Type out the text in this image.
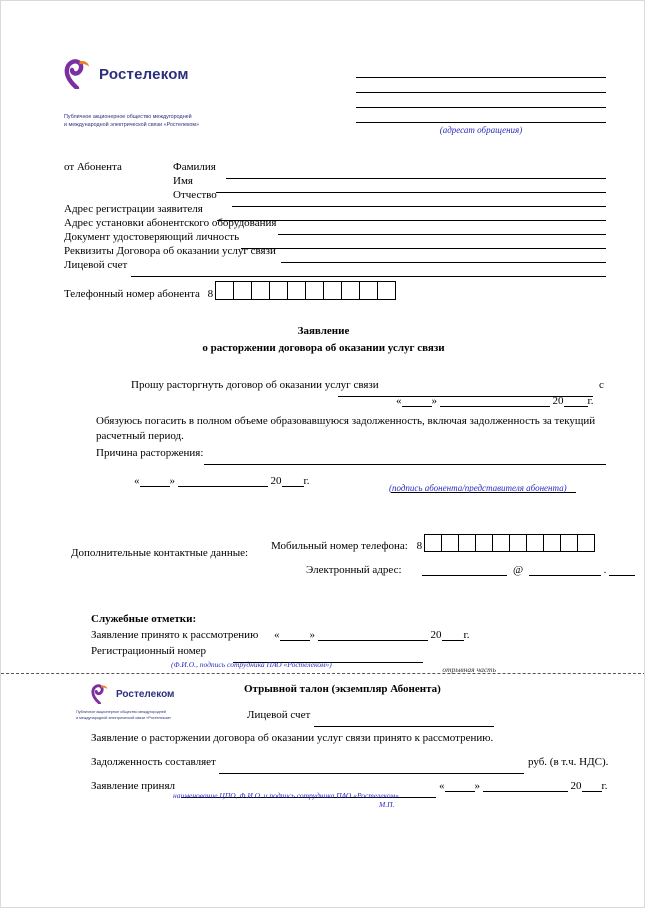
Ростелеком
Публичное акционерное общество междугородней
и международной электрической связи «Ростелеком»	(адресат обращения)
от Абонента	Фамилия
Имя
Отчество
Адрес регистрации заявителя
Адрес установки абонентского оборудования
Документ удостоверяющий личность
Реквизиты Договора об оказании услуг связи
Лицевой счет
Телефонный номер абонента 8
Заявление
о расторжении договора об оказании услуг связи
Прошу расторгнуть договор об оказании услуг связи	с
«	»	20 г.
Обязуюсь погасить в полном объеме образовавшуюся задолженность, включая задолженность за текущий расчетный период.
Причина расторжения:
«	»	20 г.
(подпись абонента/представителя абонента)
Дополнительные контактные данные:
Мобильный номер телефона: 8
Электронный адрес:	@	.
Служебные отметки:
Заявление принято к рассмотрению «	»	20 г.
Регистрационный номер
(Ф.И.О., подпись сотрудника ПАО «Ростелеком»)
отрывная часть
Ростелеком
Публичное акционерное общество междугородней
и международной электрической связи «Ростелеком»
Отрывной талон (экземпляр Абонента)
Лицевой счет
Заявление о расторжении договора об оказании услуг связи принято к рассмотрению.
Задолженность составляет	руб. (в т.ч. НДС).
Заявление принял	«	»	20 г.
наименование ЦПО, Ф.И.О. и подпись сотрудника ПАО «Ростелеком»
М.П.
